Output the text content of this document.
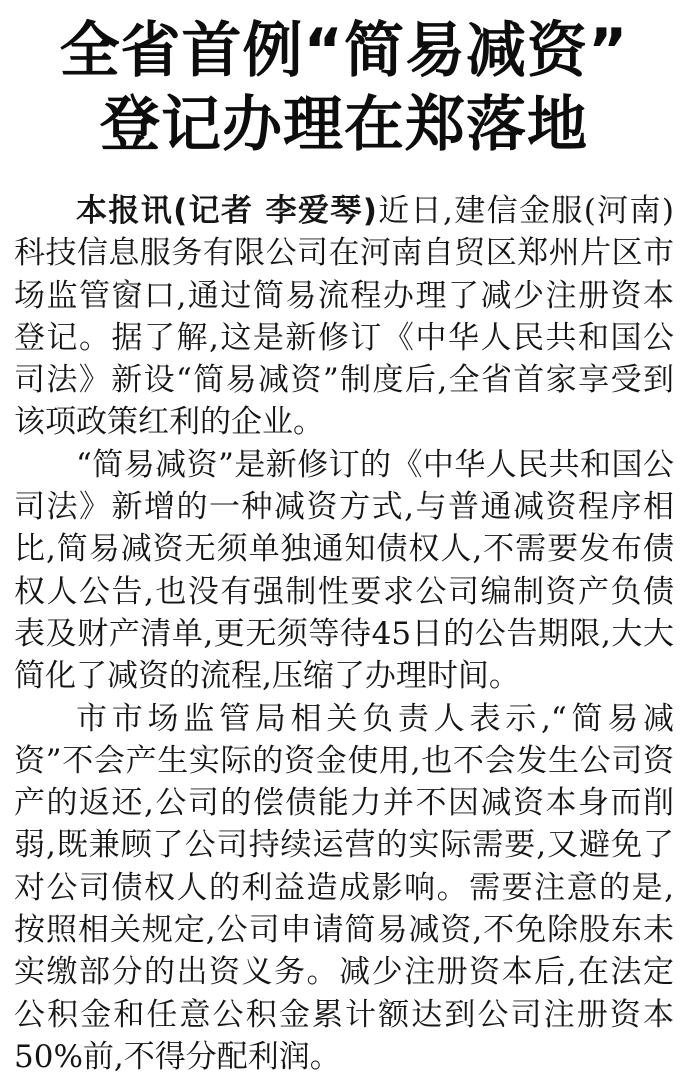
全省首例“简易减资”
登记办理在郑落地

本报讯(记者 李爱琴)近日,建信金服(河南)科技信息服务有限公司在河南自贸区郑州片区市场监管窗口,通过简易流程办理了减少注册资本登记。据了解,这是新修订《中华人民共和国公司法》新设“简易减资”制度后,全省首家享受到该项政策红利的企业。

“简易减资”是新修订的《中华人民共和国公司法》新增的一种减资方式,与普通减资程序相比,简易减资无须单独通知债权人,不需要发布债权人公告,也没有强制性要求公司编制资产负债表及财产清单,更无须等待45日的公告期限,大大简化了减资的流程,压缩了办理时间。

市市场监管局相关负责人表示,“简易减资”不会产生实际的资金使用,也不会发生公司资产的返还,公司的偿债能力并不因减资本身而削弱,既兼顾了公司持续运营的实际需要,又避免了对公司债权人的利益造成影响。需要注意的是,按照相关规定,公司申请简易减资,不免除股东未实缴部分的出资义务。减少注册资本后,在法定公积金和任意公积金累计额达到公司注册资本50%前,不得分配利润。
